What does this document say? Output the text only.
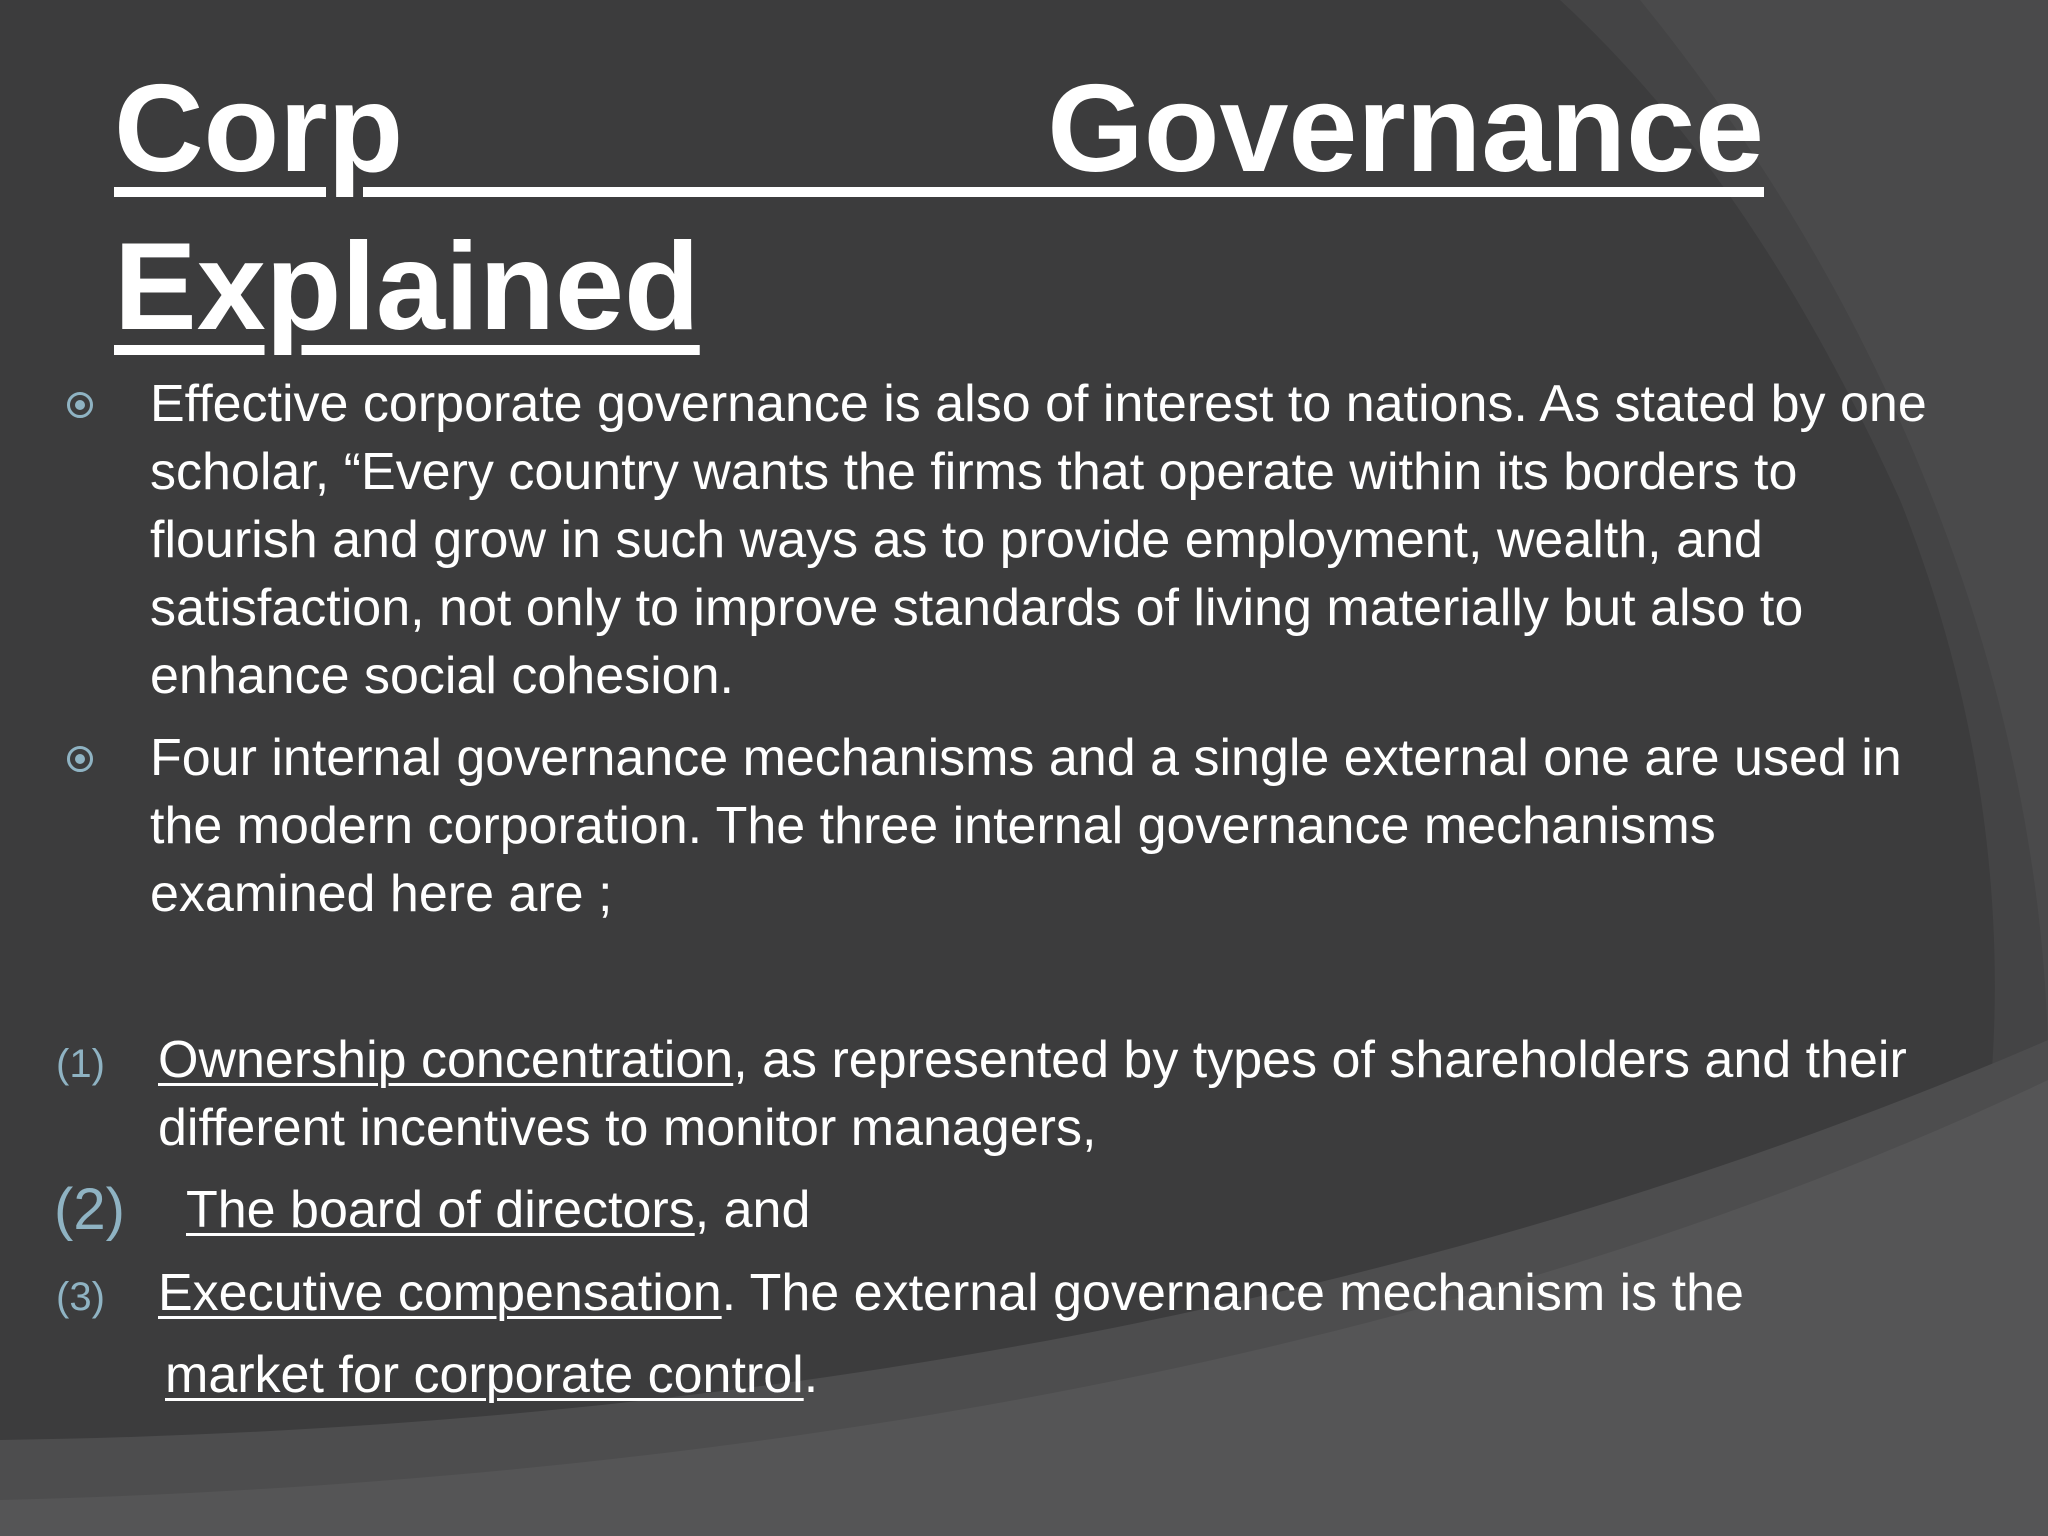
Corp Governance Explained
Effective corporate governance is also of interest to nations. As stated by one scholar, “Every country wants the firms that operate within its borders to flourish and grow in such ways as to provide employment, wealth, and satisfaction, not only to improve standards of living materially but also to enhance social cohesion.
Four internal governance mechanisms and a single external one are used in the modern corporation. The three internal governance mechanisms examined here are ;
(1) Ownership concentration, as represented by types of shareholders and their different incentives to monitor managers,
(2) The board of directors, and
(3) Executive compensation. The external governance mechanism is the
market for corporate control.
